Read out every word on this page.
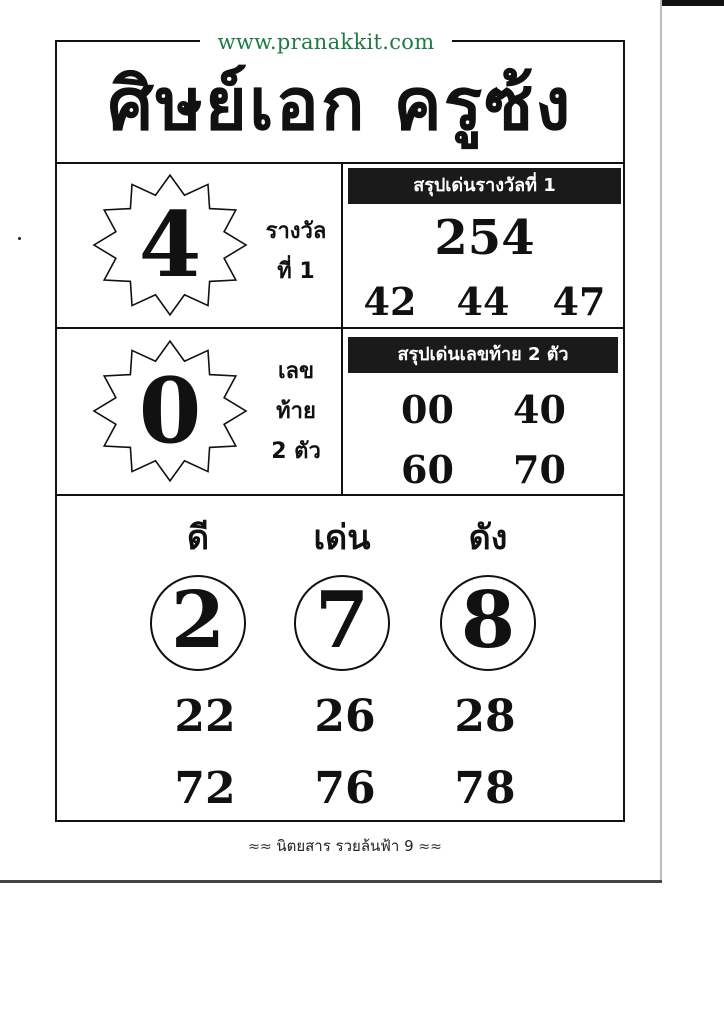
www.pranakkit.com
ศิษย์เอก ครูซ้ง
4	รางวัล
ที่ 1
สรุปเด่นรางวัลที่ 1
254
42	44	47
0	เลข
ท้าย
2 ตัว
สรุปเด่นเลขท้าย 2 ตัว
00	40
60	70
ดี	เด่น	ดัง
2 7 8
22	26	28
72	76	78
≈≈ นิตยสาร รวยล้นฟ้า 9 ≈≈
